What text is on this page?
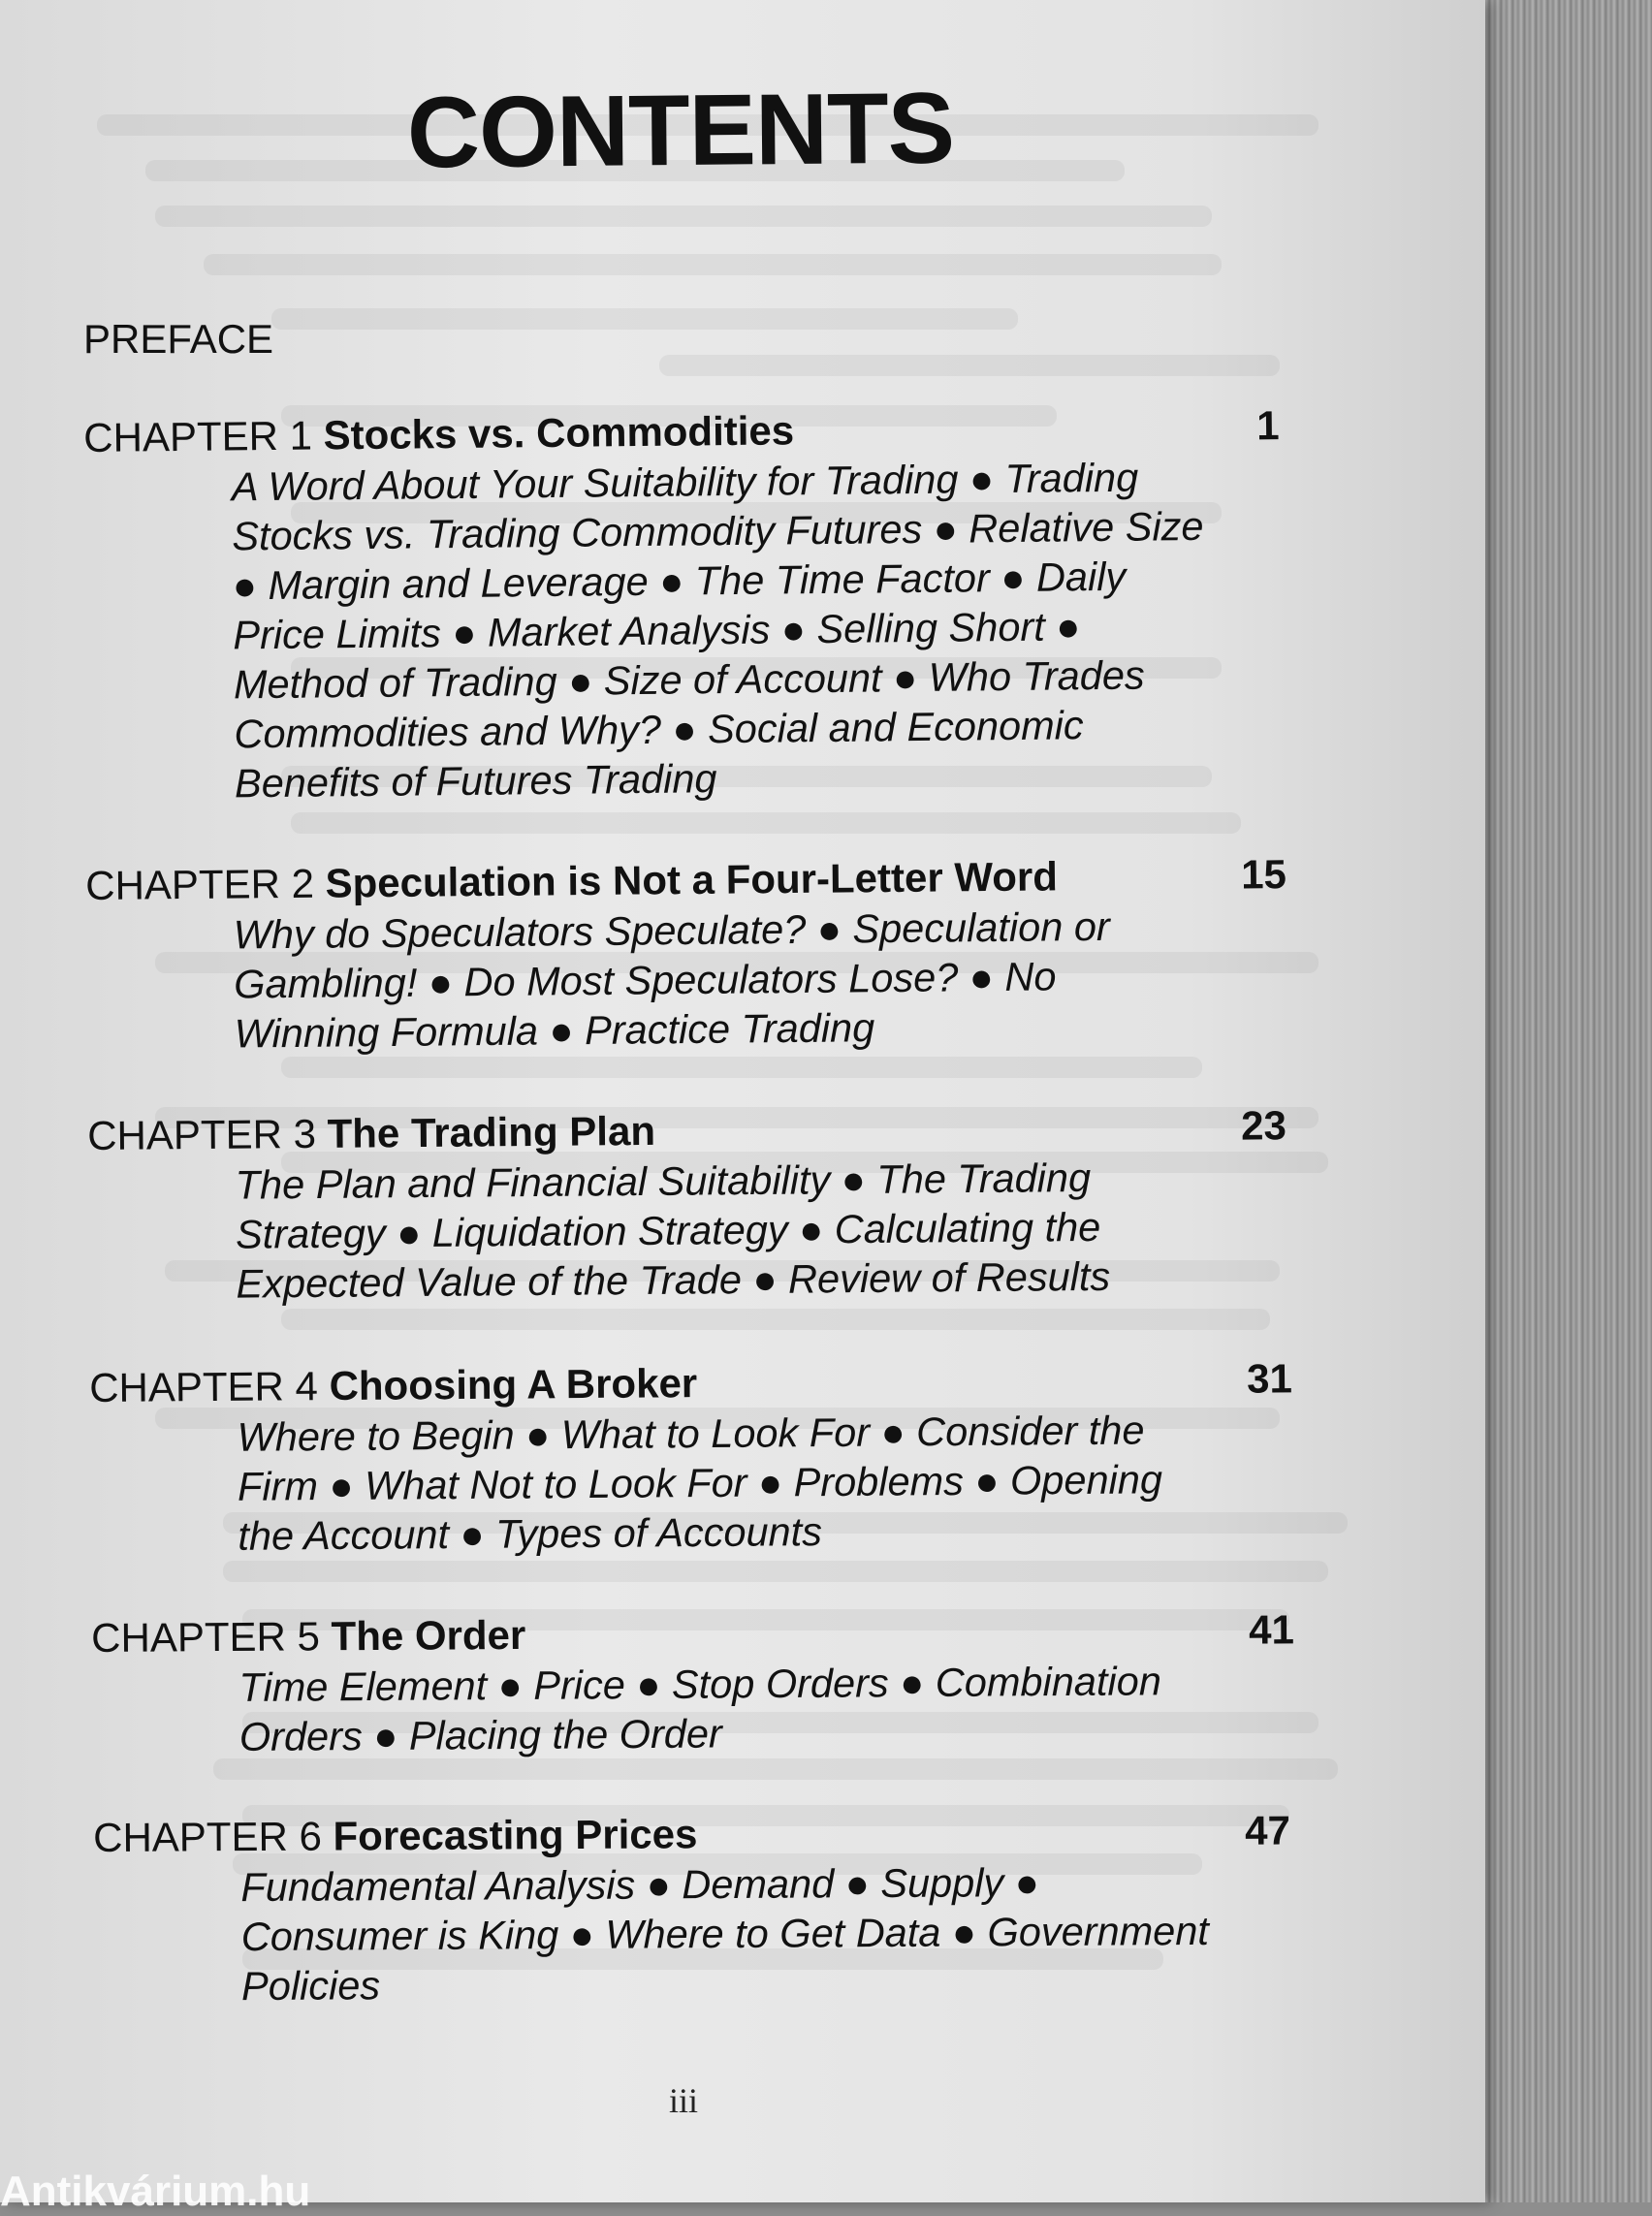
CONTENTS
PREFACE
CHAPTER 1 Stocks vs. Commodities	1
A Word About Your Suitability for Trading ● Trading
Stocks vs. Trading Commodity Futures ● Relative Size
● Margin and Leverage ● The Time Factor ● Daily
Price Limits ● Market Analysis ● Selling Short ●
Method of Trading ● Size of Account ● Who Trades
Commodities and Why? ● Social and Economic
Benefits of Futures Trading
CHAPTER 2 Speculation is Not a Four-Letter Word	15
Why do Speculators Speculate? ● Speculation or
Gambling! ● Do Most Speculators Lose? ● No
Winning Formula ● Practice Trading
CHAPTER 3 The Trading Plan	23
The Plan and Financial Suitability ● The Trading
Strategy ● Liquidation Strategy ● Calculating the
Expected Value of the Trade ● Review of Results
CHAPTER 4 Choosing A Broker	31
Where to Begin ● What to Look For ● Consider the
Firm ● What Not to Look For ● Problems ● Opening
the Account ● Types of Accounts
CHAPTER 5 The Order	41
Time Element ● Price ● Stop Orders ● Combination
Orders ● Placing the Order
CHAPTER 6 Forecasting Prices	47
Fundamental Analysis ● Demand ● Supply ●
Consumer is King ● Where to Get Data ● Government
Policies
iii
Antikvárium.hu
